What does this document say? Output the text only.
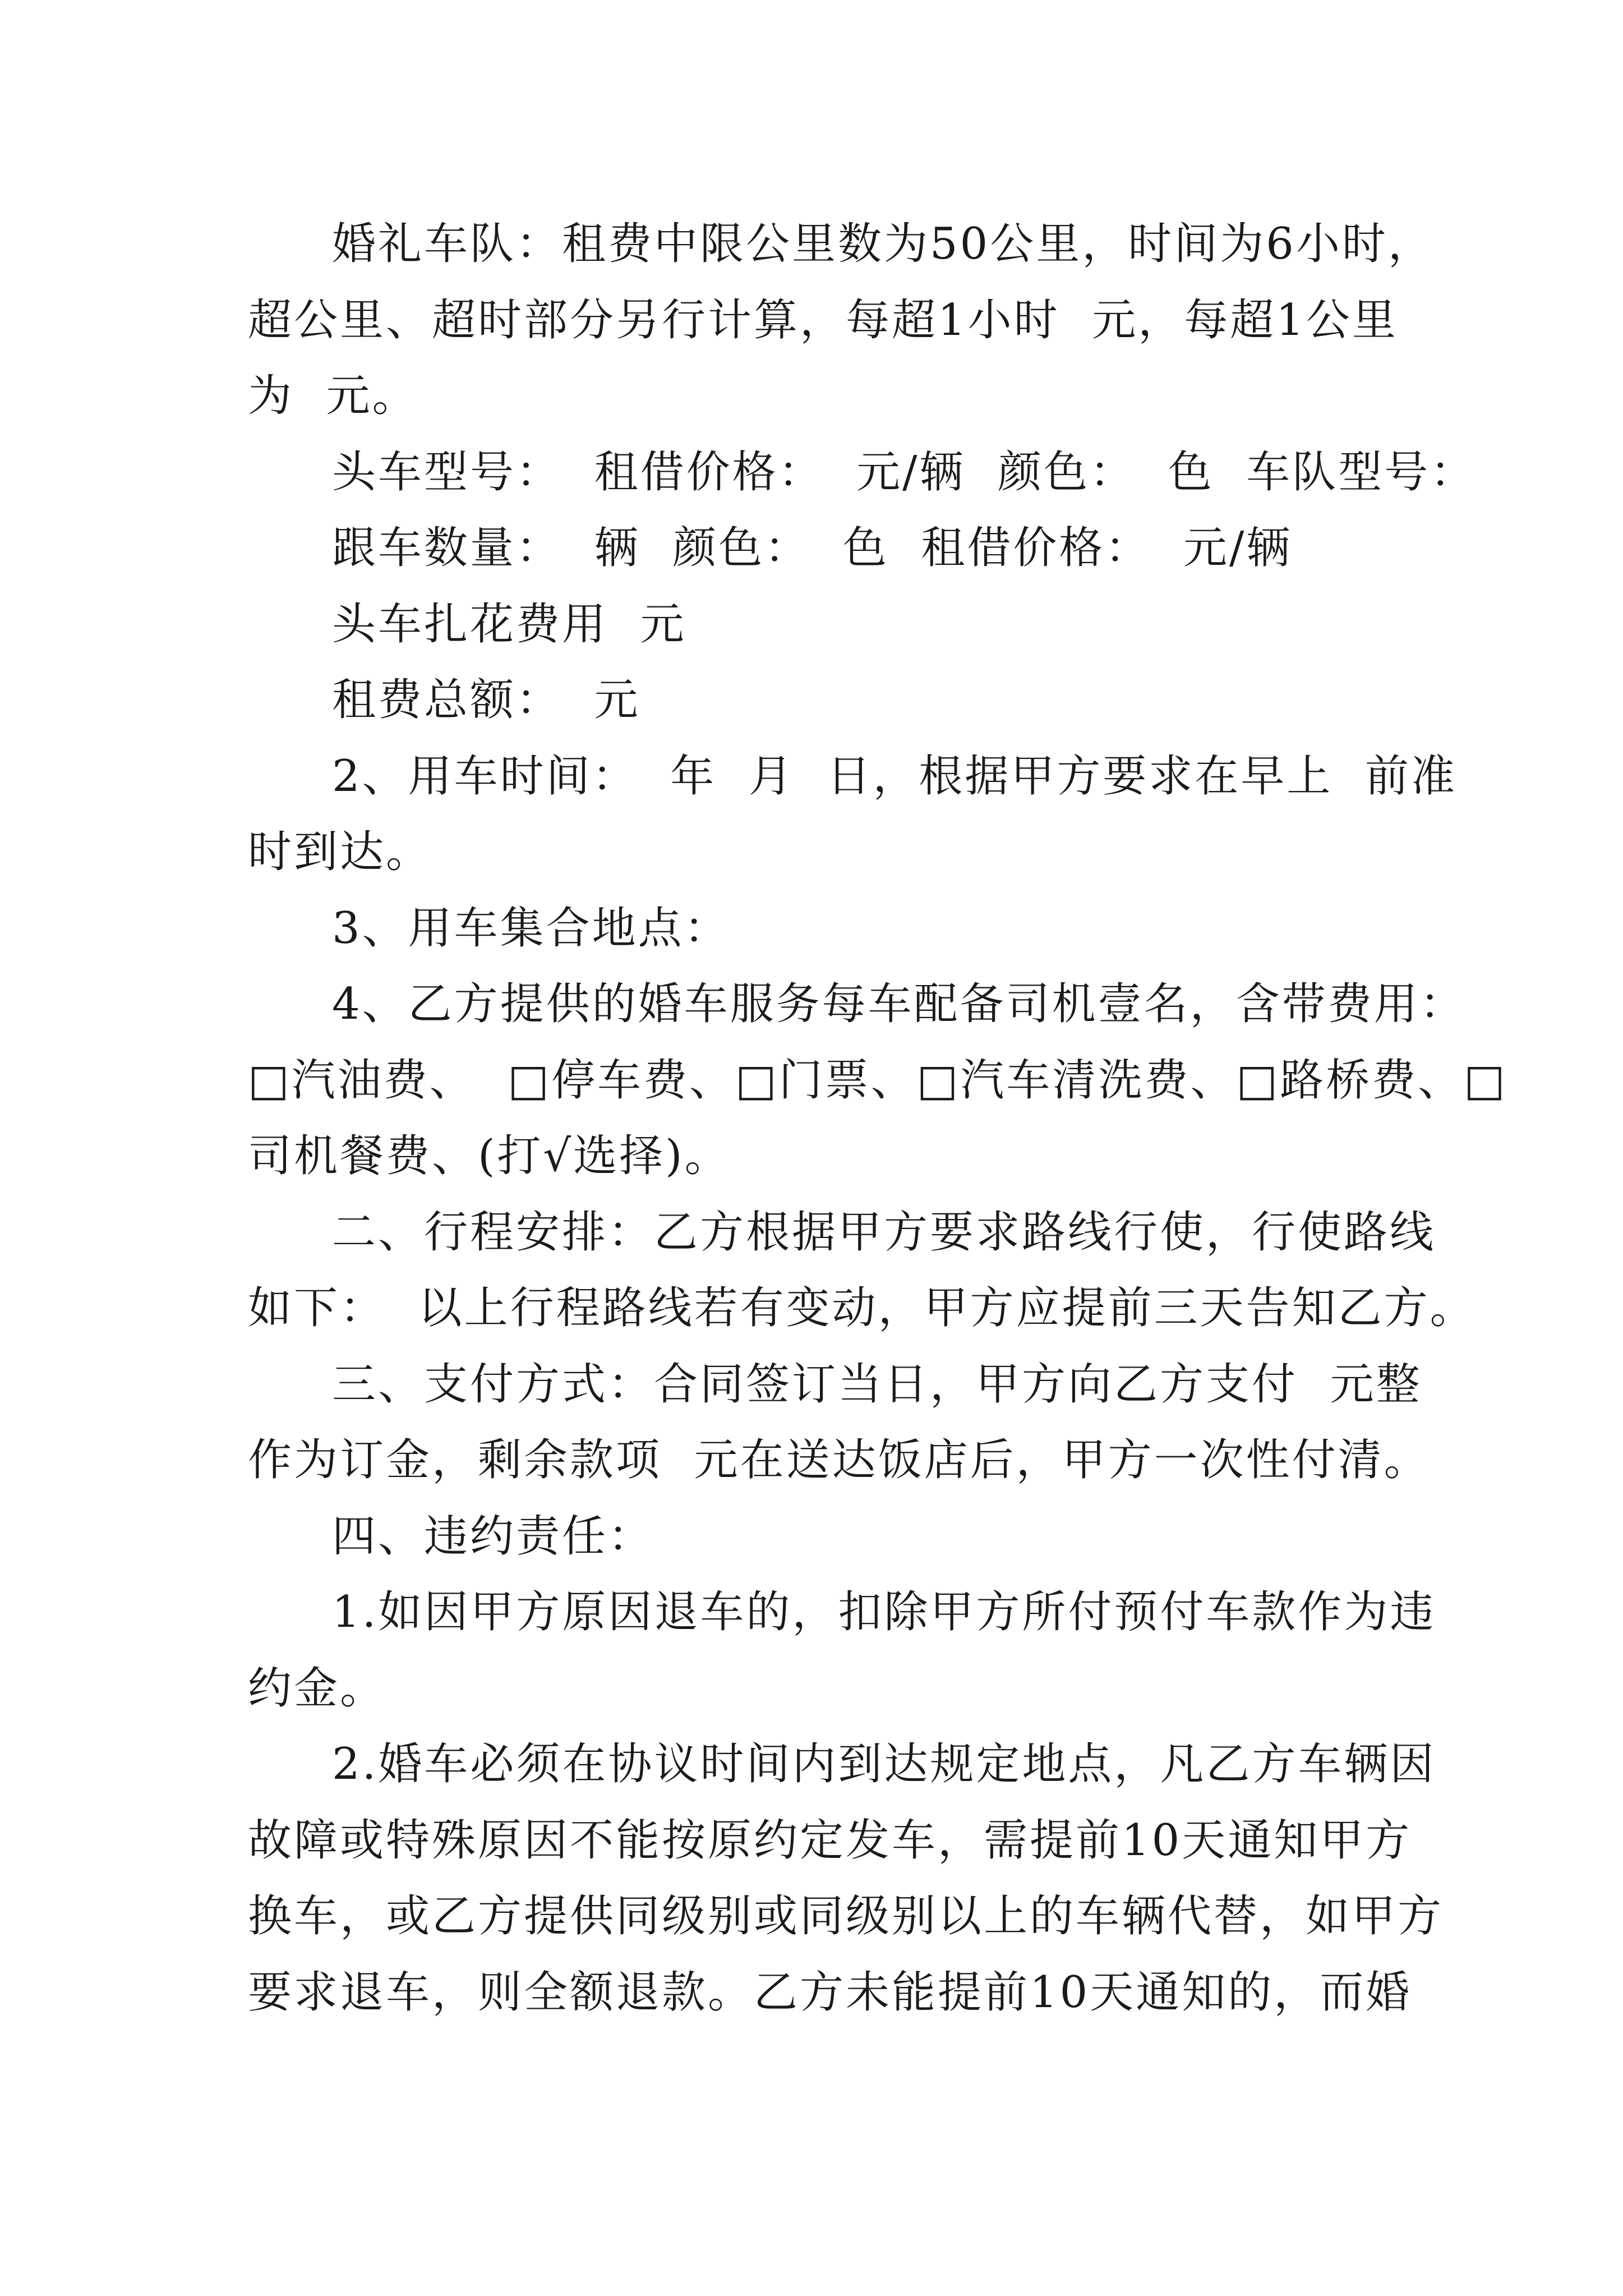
婚礼车队：租费中限公里数为50公里，时间为6小时，
超公里、超时部分另行计算，每超1小时  元，每超1公里
为  元。
头车型号：  租借价格：  元/辆  颜色：  色  车队型号：
跟车数量：  辆  颜色：  色  租借价格：  元/辆
头车扎花费用  元
租费总额：  元
2、用车时间：  年  月  日，根据甲方要求在早上  前准
时到达。
3、用车集合地点：
4、乙方提供的婚车服务每车配备司机壹名，含带费用：
□汽油费、  □停车费、□门票、□汽车清洗费、□路桥费、□
司机餐费、(打√选择)。
二、行程安排：乙方根据甲方要求路线行使，行使路线
如下：  以上行程路线若有变动，甲方应提前三天告知乙方。
三、支付方式：合同签订当日，甲方向乙方支付  元整
作为订金，剩余款项  元在送达饭店后，甲方一次性付清。
四、违约责任：
1.如因甲方原因退车的，扣除甲方所付预付车款作为违
约金。
2.婚车必须在协议时间内到达规定地点，凡乙方车辆因
故障或特殊原因不能按原约定发车，需提前10天通知甲方
换车，或乙方提供同级别或同级别以上的车辆代替，如甲方
要求退车，则全额退款。乙方未能提前10天通知的，而婚
